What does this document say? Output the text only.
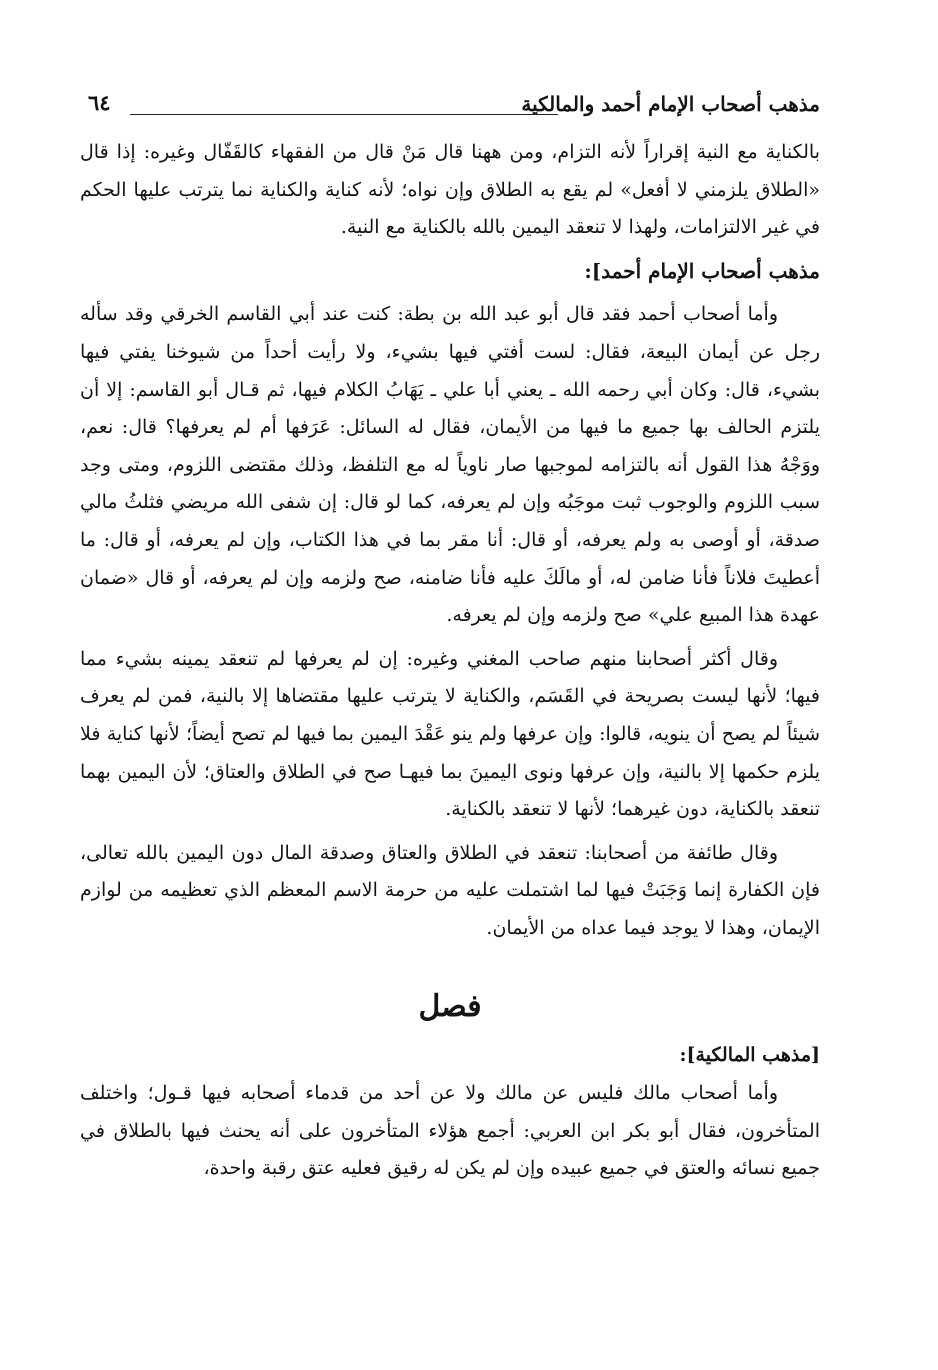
مذهب أصحاب الإمام أحمد والمالكية
٦٤

بالكناية مع النية إقراراً لأنه التزام، ومن ههنا قال مَنْ قال من الفقهاء كالقَفّال وغيره: إذا قال «الطلاق يلزمني لا أفعل» لم يقع به الطلاق وإن نواه؛ لأنه كناية والكناية نما يترتب عليها الحكم في غير الالتزامات، ولهذا لا تنعقد اليمين بالله بالكناية مع النية.

مذهب أصحاب الإمام أحمد]:

وأما أصحاب أحمد فقد قال أبو عبد الله بن بطة: كنت عند أبي القاسم الخرقي وقد سأله رجل عن أيمان البيعة، فقال: لست أفتي فيها بشيء، ولا رأيت أحداً من شيوخنا يفتي فيها بشيء، قال: وكان أبي رحمه الله ـ يعني أبا علي ـ يَهَابُ الكلام فيها، ثم قـال أبو القاسم: إلا أن يلتزم الحالف بها جميع ما فيها من الأيمان، فقال له السائل: عَرَفها أم لم يعرفها؟ قال: نعم، ووَجْهُ هذا القول أنه بالتزامه لموجبها صار ناوياً له مع التلفظ، وذلك مقتضى اللزوم، ومتى وجد سبب اللزوم والوجوب ثبت موجَبُه وإن لم يعرفه، كما لو قال: إن شفى الله مريضي فثلثُ مالي صدقة، أو أوصى به ولم يعرفه، أو قال: أنا مقر بما في هذا الكتاب، وإن لم يعرفه، أو قال: ما أعطيتَ فلاناً فأنا ضامن له، أو مالَكَ عليه فأنا ضامنه، صح ولزمه وإن لم يعرفه، أو قال «ضمان عهدة هذا المبيع علي» صح ولزمه وإن لم يعرفه.

وقال أكثر أصحابنا منهم صاحب المغني وغيره: إن لم يعرفها لم تنعقد يمينه بشيء مما فيها؛ لأنها ليست بصريحة في القَسَم، والكناية لا يترتب عليها مقتضاها إلا بالنية، فمن لم يعرف شيئاً لم يصح أن ينويه، قالوا: وإن عرفها ولم ينو عَقْدَ اليمين بما فيها لم تصح أيضاً؛ لأنها كناية فلا يلزم حكمها إلا بالنية، وإن عرفها ونوى اليمينَ بما فيهـا صح في الطلاق والعتاق؛ لأن اليمين بهما تنعقد بالكناية، دون غيرهما؛ لأنها لا تنعقد بالكناية.

وقال طائفة من أصحابنا: تنعقد في الطلاق والعتاق وصدقة المال دون اليمين بالله تعالى، فإن الكفارة إنما وَجَبَتْ فيها لما اشتملت عليه من حرمة الاسم المعظم الذي تعظيمه من لوازم الإيمان، وهذا لا يوجد فيما عداه من الأيمان.

فصل

[مذهب المالكية]:

وأما أصحاب مالك فليس عن مالك ولا عن أحد من قدماء أصحابه فيها قـول؛ واختلف المتأخرون، فقال أبو بكر ابن العربي: أجمع هؤلاء المتأخرون على أنه يحنث فيها بالطلاق في جميع نسائه والعتق في جميع عبيده وإن لم يكن له رقيق فعليه عتق رقبة واحدة،
